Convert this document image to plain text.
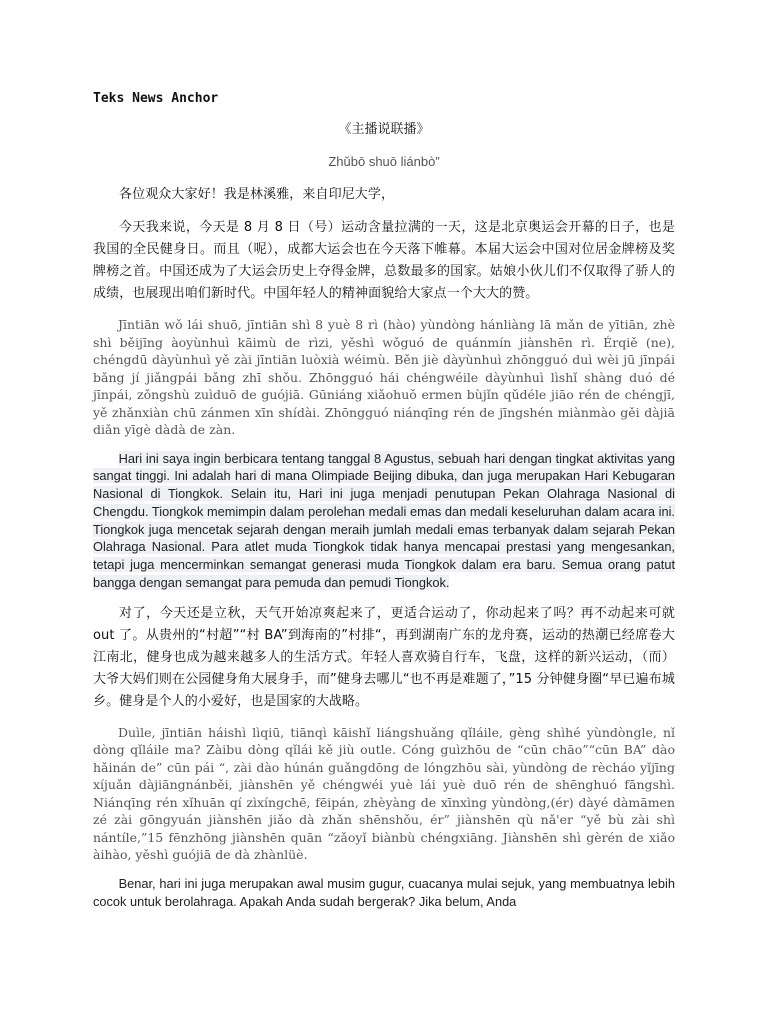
Teks News Anchor
《主播说联播》
Zhǔbō shuō liánbò”

各位观众大家好！我是林溪雅，来自印尼大学，

今天我来说，今天是 8 月 8 日（号）运动含量拉满的一天，这是北京奥运会开幕的日子，也是我国的全民健身日。而且（呢），成都大运会也在今天落下帷幕。本届大运会中国对位居金牌榜及奖牌榜之首。中国还成为了大运会历史上夺得金牌，总数最多的国家。姑娘小伙儿们不仅取得了骄人的成绩，也展现出咱们新时代。中国年轻人的精神面貌给大家点一个大大的赞。

Jīntiān wǒ lái shuō, jīntiān shì 8 yuè 8 rì (hào) yùndòng hánliàng lā mǎn de yītiān, zhè shì běijīng àoyùnhuì kāimù de rìzi, yěshì wǒguó de quánmín jiànshēn rì. Érqiě (ne), chéngdū dàyùnhuì yě zài jīntiān luòxià wéimù. Běn jiè dàyùnhuì zhōngguó duì wèi jū jīnpái bǎng jí jiǎngpái bǎng zhī shǒu. Zhōngguó hái chéngwéile dàyùnhuì lìshǐ shàng duó dé jīnpái, zǒngshù zuìduō de guójiā. Gūniáng xiǎohuǒ ermen bùjǐn qǔdéle jiāo rén de chéngjī, yě zhǎnxiàn chū zánmen xīn shídài. Zhōngguó niánqīng rén de jīngshén miànmào gěi dàjiā diǎn yīgè dàdà de zàn.

Hari ini saya ingin berbicara tentang tanggal 8 Agustus, sebuah hari dengan tingkat aktivitas yang sangat tinggi. Ini adalah hari di mana Olimpiade Beijing dibuka, dan juga merupakan Hari Kebugaran Nasional di Tiongkok. Selain itu, Hari ini juga menjadi penutupan Pekan Olahraga Nasional di Chengdu. Tiongkok memimpin dalam perolehan medali emas dan medali keseluruhan dalam acara ini. Tiongkok juga mencetak sejarah dengan meraih jumlah medali emas terbanyak dalam sejarah Pekan Olahraga Nasional. Para atlet muda Tiongkok tidak hanya mencapai prestasi yang mengesankan, tetapi juga mencerminkan semangat generasi muda Tiongkok dalam era baru. Semua orang patut bangga dengan semangat para pemuda dan pemudi Tiongkok.

对了，今天还是立秋，天气开始凉爽起来了，更适合运动了，你动起来了吗？再不动起来可就 out 了。从贵州的“村超”“村 BA”到海南的”村排“，再到湖南广东的龙舟赛，运动的热潮已经席卷大江南北，健身也成为越来越多人的生活方式。年轻人喜欢骑自行车，飞盘，这样的新兴运动，（而）大爷大妈们则在公园健身角大展身手，而”健身去哪儿“也不再是难题了，”15 分钟健身圈“早已遍布城乡。健身是个人的小爱好，也是国家的大战略。

Duìle, jīntiān háishì lìqiū, tiānqì kāishǐ liángshuǎng qǐláile, gèng shìhé yùndòngle, nǐ dòng qǐláile ma? Zàibu dòng qǐlái kě jiù outle. Cóng guìzhōu de “cūn chāo”“cūn BA” dào hǎinán de” cūn pái “, zài dào húnán guǎngdōng de lóngzhōu sài, yùndòng de rècháo yǐjīng xíjuǎn dàjiāngnánběi, jiànshēn yě chéngwéi yuè lái yuè duō rén de shēnghuó fāngshì. Niánqīng rén xǐhuān qí zìxíngchē, fēipán, zhèyàng de xīnxìng yùndòng,(ér) dàyé dàmāmen zé zài gōngyuán jiànshēn jiǎo dà zhǎn shēnshǒu, ér” jiànshēn qù nǎ'er “yě bù zài shì nántíle,”15 fēnzhōng jiànshēn quān “zǎoyǐ biànbù chéngxiāng. Jiànshēn shì gèrén de xiǎo àihào, yěshì guójiā de dà zhànlüè.

Benar, hari ini juga merupakan awal musim gugur, cuacanya mulai sejuk, yang membuatnya lebih cocok untuk berolahraga. Apakah Anda sudah bergerak? Jika belum, Anda
